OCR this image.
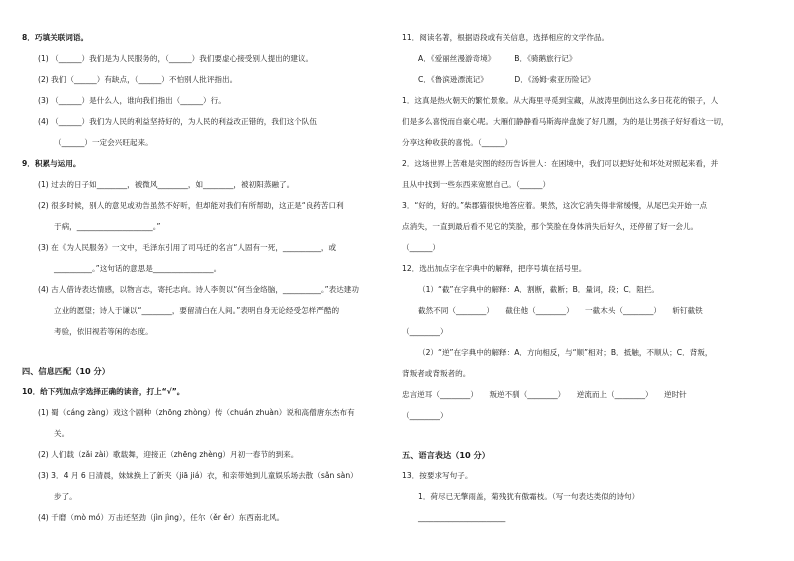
8．巧填关联词语。
(1) （______）我们是为人民服务的，（______）我们要虚心接受别人提出的建议。
(2) 我们（______）有缺点，（______）不怕别人批评指出。
(3) （______）是什么人，谁向我们指出（______）行。
(4) （______）我们为人民的利益坚持好的，为人民的利益改正错的，我们这个队伍
（______）一定会兴旺起来。
9．积累与运用。
(1) 过去的日子如________，被微风________，如________，被初阳蒸融了。
(2) 很多时候，别人的意见或劝告虽然不好听，但却能对我们有所帮助，这正是“良药苦口利
于病，____________________。”
(3) 在《为人民服务》一文中，毛泽东引用了司马迁的名言“人固有一死，__________，或
__________。”这句话的意思是________________。
(4) 古人借诗表达情感，以物言志，寄托志向。诗人李贺以“何当金络脑，__________。”表达建功
立业的愿望；诗人于谦以“________，要留清白在人间。”表明自身无论经受怎样严酷的
考验，依旧视若等闲的态度。
四、信息匹配（10 分）
10．给下列加点字选择正确的读音，打上“√”。
(1) 蜀（cáng zàng）戏这个剧种（zhōng zhòng）传（chuán zhuàn）说和高僧唐东杰布有
关。
(2) 人们载（zǎi zài）歌载舞，迎接正（zhēng zhèng）月初一春节的到来。
(3) 3．4 月 6 日清晨，妹妹换上了新夹（jiā jiá）衣，和亲带她到儿童娱乐场去散（sǎn sàn）
步了。
(4) 千磨（mò mó）万击还坚劲（jìn jìng），任尔（ěr ěr）东西南北风。
11．阅读名著，根据语段或有关信息，选择相应的文学作品。
A．《爱丽丝漫游奇境》　　　B．《骑鹅旅行记》
C．《鲁滨逊漂流记》　　　　D．《汤姆·索亚历险记》
1．这真是热火朝天的繁忙景象。从大海里寻觅到宝藏，从波涛里倒出这么多日花花的银子，人
们是多么喜悦而自豪心呢。大雁们静静看马斯海岸盘旋了好几圈，为的是让男孩子好好看这一切，
分享这种收获的喜悦。（______）
2．这场世界上苦难是灾图的经历告诉世人：在困境中，我们可以把好处和坏处对照起来看，并
且从中找到一些东西来宽慰自己。（______）
3．“好的，好的。”柴郡猫很快地答应着。果然，这次它消失得非常缓慢，从尾巴尖开始一点
点消失，一直到最后看不见它的笑脸，那个笑脸在身体消失后好久，还停留了好一会儿。
（______）
12．选出加点字在字典中的解释，把序号填在括号里。
（1）“截”在字典中的解释：A．割断，截断；B．量词，段；C．阻拦。
截然不同（________）　　截住他（________）　　一截木头（________）　　斩钉截铁
（________）
（2）“逆”在字典中的解释：A．方向相反，与“顺”相对；B．抵触，不顺从；C．背叛，
背叛者或背叛者的。
忠言逆耳（________）　　叛逆不驯（________）　　逆流而上（________）　　逆时针
（________）
五、语言表达（10 分）
13．按要求写句子。
1．荷尽已无擎雨盖，菊残犹有傲霜枝。（写一句表达类似的诗句）
_______________________
